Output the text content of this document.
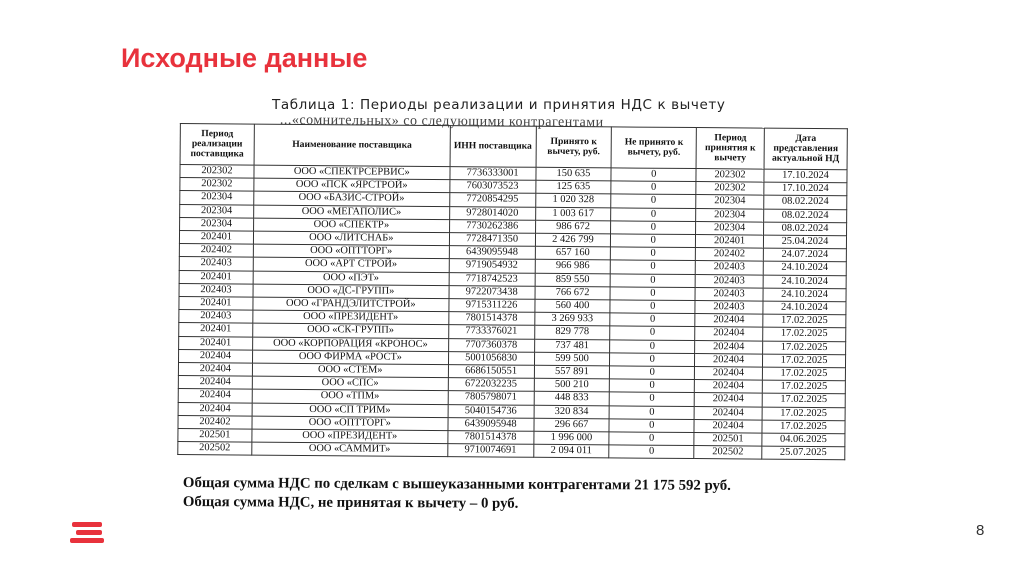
Исходные данные
Таблица 1: Периоды реализации и принятия НДС к вычету
...«сомнительных» со следующими контрагентами
Период реализации поставщика	Наименование поставщика	ИНН поставщика	Принято к вычету, руб.	Не принято к вычету, руб.	Период принятия к вычету	Дата представления актуальной НД
202302	ООО «СПЕКТРСЕРВИС»	7736333001	150 635	0	202302	17.10.2024
202302	ООО «ПСК «ЯРСТРОЙ»	7603073523	125 635	0	202302	17.10.2024
202304	ООО «БАЗИС-СТРОЙ»	7720854295	1 020 328	0	202304	08.02.2024
202304	ООО «МЕГАПОЛИС»	9728014020	1 003 617	0	202304	08.02.2024
202304	ООО «СПЕКТР»	7730262386	986 672	0	202304	08.02.2024
202401	ООО «ЛИТСНАБ»	7728471350	2 426 799	0	202401	25.04.2024
202402	ООО «ОПТТОРГ»	6439095948	657 160	0	202402	24.07.2024
202403	ООО «АРТ СТРОЙ»	9719054932	966 986	0	202403	24.10.2024
202401	ООО «ПЭТ»	7718742523	859 550	0	202403	24.10.2024
202403	ООО «ДС-ГРУПП»	9722073438	766 672	0	202403	24.10.2024
202401	ООО «ГРАНДЭЛИТСТРОЙ»	9715311226	560 400	0	202403	24.10.2024
202403	ООО «ПРЕЗИДЕНТ»	7801514378	3 269 933	0	202404	17.02.2025
202401	ООО «СК-ГРУПП»	7733376021	829 778	0	202404	17.02.2025
202401	ООО «КОРПОРАЦИЯ «КРОНОС»	7707360378	737 481	0	202404	17.02.2025
202404	ООО ФИРМА «РОСТ»	5001056830	599 500	0	202404	17.02.2025
202404	ООО «СТЕМ»	6686150551	557 891	0	202404	17.02.2025
202404	ООО «СПС»	6722032235	500 210	0	202404	17.02.2025
202404	ООО «ТПМ»	7805798071	448 833	0	202404	17.02.2025
202404	ООО «СП ТРИМ»	5040154736	320 834	0	202404	17.02.2025
202402	ООО «ОПТТОРГ»	6439095948	296 667	0	202404	17.02.2025
202501	ООО «ПРЕЗИДЕНТ»	7801514378	1 996 000	0	202501	04.06.2025
202502	ООО «САММИТ»	9710074691	2 094 011	0	202502	25.07.2025
Общая сумма НДС по сделкам с вышеуказанными контрагентами 21 175 592 руб.
Общая сумма НДС, не принятая к вычету – 0 руб.
8
